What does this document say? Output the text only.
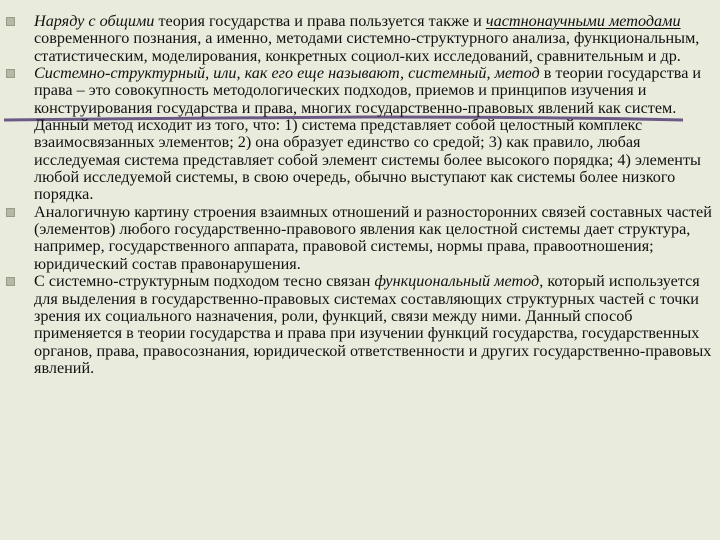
Наряду с общими теория государства и права пользуется также и частнонаучными методами современного познания, а именно, методами системно-структурного анализа, функциональным, статистическим, моделирования, конкретных социол-ких исследований, сравнительным и др.
Системно-структурный, или, как его еще называют, системный, метод в теории государства и права – это совокупность методологических подходов, приемов и принципов изучения и конструирования государства и права, многих государственно-правовых явлений как систем. Данный метод исходит из того, что: 1) система представляет собой целостный комплекс взаимосвязанных элементов; 2) она образует единство со средой; 3) как правило, любая исследуемая система представляет собой элемент системы более высокого порядка; 4) элементы любой исследуемой системы, в свою очередь, обычно выступают как системы более низкого порядка.
Аналогичную картину строения взаимных отношений и разносторонних связей составных частей (элементов) любого государственно-правового явления как целостной системы дает структура, например, государственного аппарата, правовой системы, нормы права, правоотношения; юридический состав правонарушения.
С системно-структурным подходом тесно связан функциональный метод, который используется для выделения в государственно-правовых системах составляющих структурных частей с точки зрения их социального назначения, роли, функций, связи между ними. Данный способ применяется в теории государства и права при изучении функций государства, государственных органов, права, правосознания, юридической ответственности и других государственно-правовых явлений.
